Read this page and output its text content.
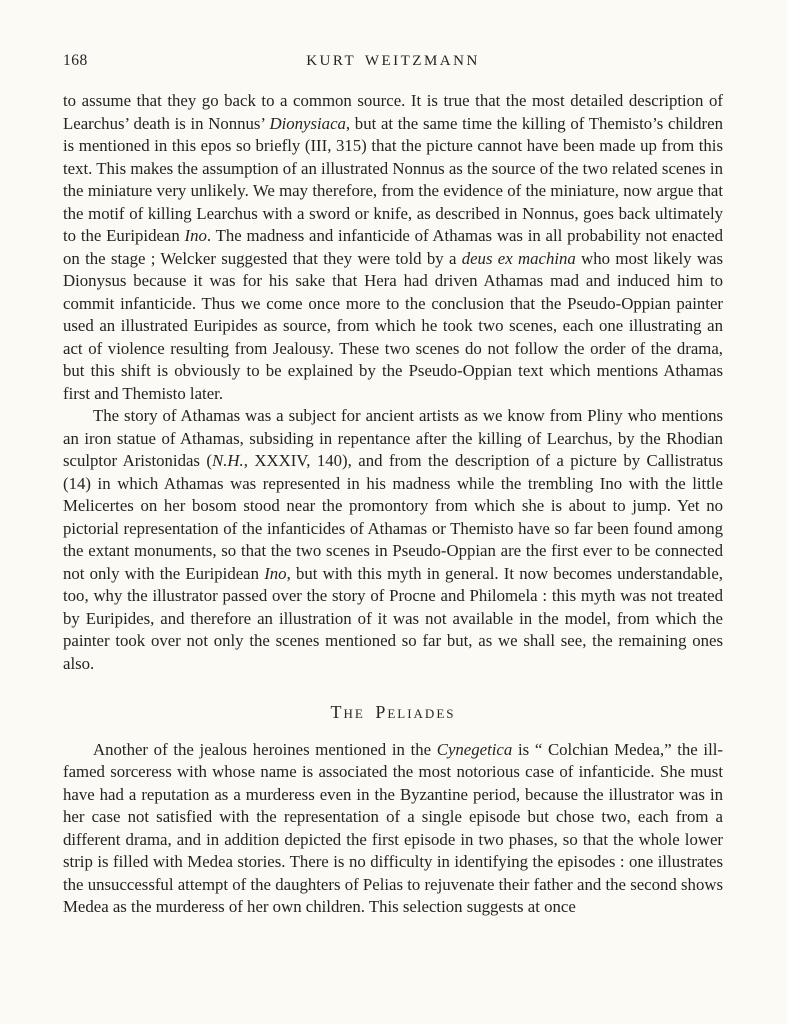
168	KURT WEITZMANN

to assume that they go back to a common source. It is true that the most detailed description of Learchus’ death is in Nonnus’ Dionysiaca, but at the same time the killing of Themisto’s children is mentioned in this epos so briefly (III, 315) that the picture cannot have been made up from this text. This makes the assumption of an illustrated Nonnus as the source of the two related scenes in the miniature very unlikely. We may therefore, from the evidence of the miniature, now argue that the motif of killing Learchus with a sword or knife, as described in Nonnus, goes back ultimately to the Euripidean Ino. The madness and infanticide of Athamas was in all probability not enacted on the stage ; Welcker suggested that they were told by a deus ex machina who most likely was Dionysus because it was for his sake that Hera had driven Athamas mad and induced him to commit infanticide. Thus we come once more to the conclusion that the Pseudo-Oppian painter used an illustrated Euripides as source, from which he took two scenes, each one illustrating an act of violence resulting from Jealousy. These two scenes do not follow the order of the drama, but this shift is obviously to be explained by the Pseudo-Oppian text which mentions Athamas first and Themisto later.

The story of Athamas was a subject for ancient artists as we know from Pliny who mentions an iron statue of Athamas, subsiding in repentance after the killing of Learchus, by the Rhodian sculptor Aristonidas (N.H., XXXIV, 140), and from the description of a picture by Callistratus (14) in which Athamas was represented in his madness while the trembling Ino with the little Melicertes on her bosom stood near the promontory from which she is about to jump. Yet no pictorial representation of the infanticides of Athamas or Themisto have so far been found among the extant monuments, so that the two scenes in Pseudo-Oppian are the first ever to be connected not only with the Euripidean Ino, but with this myth in general. It now becomes understandable, too, why the illustrator passed over the story of Procne and Philomela : this myth was not treated by Euripides, and therefore an illustration of it was not available in the model, from which the painter took over not only the scenes mentioned so far but, as we shall see, the remaining ones also.

The Peliades

Another of the jealous heroines mentioned in the Cynegetica is “ Colchian Medea,” the ill-famed sorceress with whose name is associated the most notorious case of infanticide. She must have had a reputation as a murderess even in the Byzantine period, because the illustrator was in her case not satisfied with the representation of a single episode but chose two, each from a different drama, and in addition depicted the first episode in two phases, so that the whole lower strip is filled with Medea stories. There is no difficulty in identifying the episodes : one illustrates the unsuccessful attempt of the daughters of Pelias to rejuvenate their father and the second shows Medea as the murderess of her own children. This selection suggests at once
